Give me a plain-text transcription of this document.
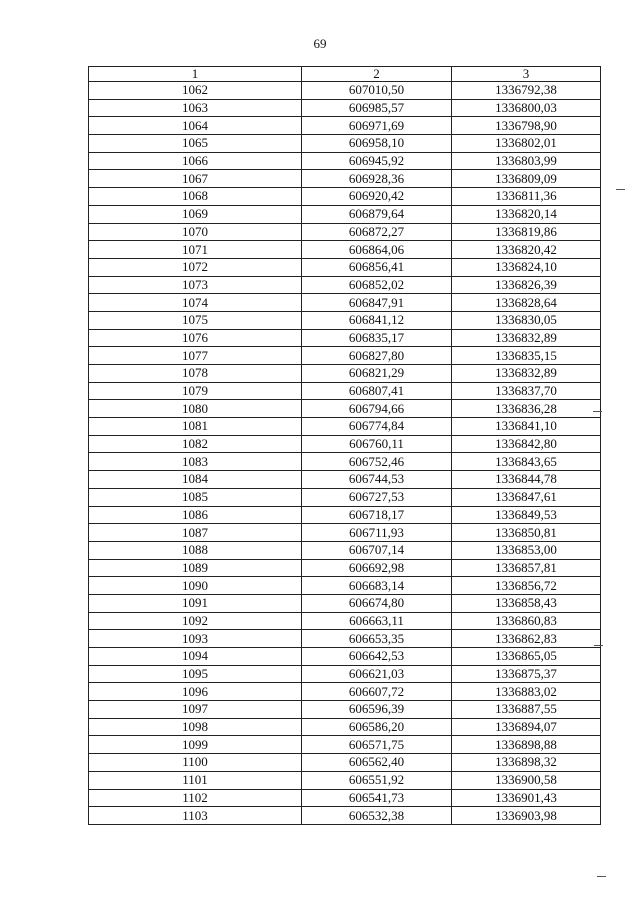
69
1	2	3
1062	607010,50	1336792,38
1063	606985,57	1336800,03
1064	606971,69	1336798,90
1065	606958,10	1336802,01
1066	606945,92	1336803,99
1067	606928,36	1336809,09
1068	606920,42	1336811,36
1069	606879,64	1336820,14
1070	606872,27	1336819,86
1071	606864,06	1336820,42
1072	606856,41	1336824,10
1073	606852,02	1336826,39
1074	606847,91	1336828,64
1075	606841,12	1336830,05
1076	606835,17	1336832,89
1077	606827,80	1336835,15
1078	606821,29	1336832,89
1079	606807,41	1336837,70
1080	606794,66	1336836,28
1081	606774,84	1336841,10
1082	606760,11	1336842,80
1083	606752,46	1336843,65
1084	606744,53	1336844,78
1085	606727,53	1336847,61
1086	606718,17	1336849,53
1087	606711,93	1336850,81
1088	606707,14	1336853,00
1089	606692,98	1336857,81
1090	606683,14	1336856,72
1091	606674,80	1336858,43
1092	606663,11	1336860,83
1093	606653,35	1336862,83
1094	606642,53	1336865,05
1095	606621,03	1336875,37
1096	606607,72	1336883,02
1097	606596,39	1336887,55
1098	606586,20	1336894,07
1099	606571,75	1336898,88
1100	606562,40	1336898,32
1101	606551,92	1336900,58
1102	606541,73	1336901,43
1103	606532,38	1336903,98
